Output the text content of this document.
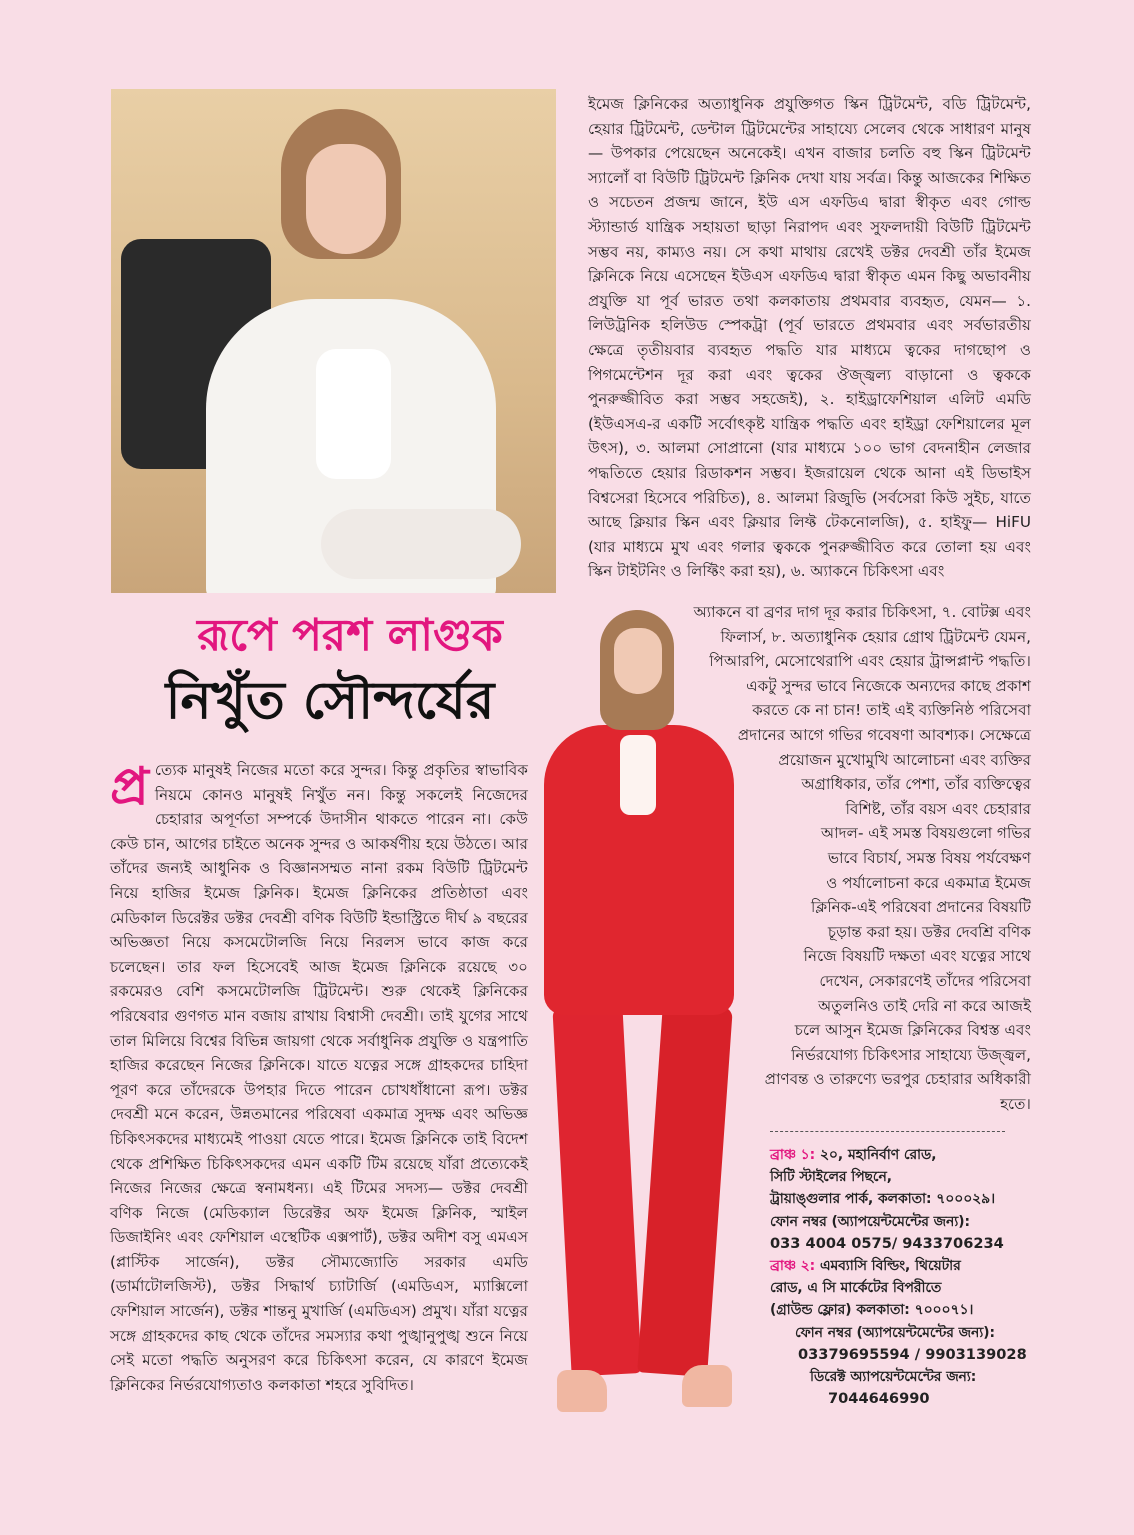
রূপে পরশ লাগুক
নিখুঁত সৌন্দর্যের
ইমেজ ক্লিনিকের অত্যাধুনিক প্রযুক্তিগত স্কিন ট্রিটমেন্ট, বডি ট্রিটমেন্ট, হেয়ার ট্রিটমেন্ট, ডেন্টাল ট্রিটমেন্টের সাহায্যে সেলেব থেকে সাধারণ মানুষ— উপকার পেয়েছেন অনেকেই। এখন বাজার চলতি বহু স্কিন ট্রিটমেন্ট স্যালোঁ বা বিউটি ট্রিটমেন্ট ক্লিনিক দেখা যায় সর্বত্র। কিন্তু আজকের শিক্ষিত ও সচেতন প্রজন্ম জানে, ইউ এস এফডিএ দ্বারা স্বীকৃত এবং গোল্ড স্ট্যান্ডার্ড যান্ত্রিক সহায়তা ছাড়া নিরাপদ এবং সুফলদায়ী বিউটি ট্রিটমেন্ট সম্ভব নয়, কাম্যও নয়। সে কথা মাথায় রেখেই ডক্টর দেবশ্রী তাঁর ইমেজ ক্লিনিকে নিয়ে এসেছেন ইউএস এফডিএ দ্বারা স্বীকৃত এমন কিছু অভাবনীয় প্রযুক্তি যা পূর্ব ভারত তথা কলকাতায় প্রথমবার ব্যবহৃত, যেমন— ১. লিউট্রনিক হলিউড স্পেকট্রা (পূর্ব ভারতে প্রথমবার এবং সর্বভারতীয় ক্ষেত্রে তৃতীয়বার ব্যবহৃত পদ্ধতি যার মাধ্যমে ত্বকের দাগছোপ ও পিগমেন্টেশন দূর করা এবং ত্বকের ঔজ্জ্বল্য বাড়ানো ও ত্বককে পুনরুজ্জীবিত করা সম্ভব সহজেই), ২. হাইড্রাফেশিয়াল এলিট এমডি (ইউএসএ-র একটি সর্বোৎকৃষ্ট যান্ত্রিক পদ্ধতি এবং হাইড্রা ফেশিয়ালের মূল উৎস), ৩. আলমা সোপ্রানো (যার মাধ্যমে ১০০ ভাগ বেদনাহীন লেজার পদ্ধতিতে হেয়ার রিডাকশন সম্ভব। ইজরায়েল থেকে আনা এই ডিভাইস বিশ্বসেরা হিসেবে পরিচিত), ৪. আলমা রিজুভি (সর্বসেরা কিউ সুইচ, যাতে আছে ক্লিয়ার স্কিন এবং ক্লিয়ার লিফ্ট টেকনোলজি), ৫. হাইফু— HiFU (যার মাধ্যমে মুখ এবং গলার ত্বককে পুনরুজ্জীবিত করে তোলা হয় এবং স্কিন টাইটনিং ও লিফ্টিং করা হয়), ৬. অ্যাকনে চিকিৎসা এবং
প্র ত্যেক মানুষই নিজের মতো করে সুন্দর। কিন্তু প্রকৃতির স্বাভাবিক নিয়মে কোনও মানুষই নিখুঁত নন। কিন্তু সকলেই নিজেদের চেহারার অপূর্ণতা সম্পর্কে উদাসীন থাকতে পারেন না। কেউ কেউ চান, আগের চাইতে অনেক সুন্দর ও আকর্ষণীয় হয়ে উঠতে। আর তাঁদের জন্যই আধুনিক ও বিজ্ঞানসম্মত নানা রকম বিউটি ট্রিটমেন্ট নিয়ে হাজির ইমেজ ক্লিনিক। ইমেজ ক্লিনিকের প্রতিষ্ঠাতা এবং মেডিকাল ডিরেক্টর ডক্টর দেবশ্রী বণিক বিউটি ইন্ডাস্ট্রিতে দীর্ঘ ৯ বছরের অভিজ্ঞতা নিয়ে কসমেটোলজি নিয়ে নিরলস ভাবে কাজ করে চলেছেন। তার ফল হিসেবেই আজ ইমেজ ক্লিনিকে রয়েছে ৩০ রকমেরও বেশি কসমেটোলজি ট্রিটমেন্ট। শুরু থেকেই ক্লিনিকের পরিষেবার গুণগত মান বজায় রাখায় বিশ্বাসী দেবশ্রী। তাই যুগের সাথে তাল মিলিয়ে বিশ্বের বিভিন্ন জায়গা থেকে সর্বাধুনিক প্রযুক্তি ও যন্ত্রপাতি হাজির করেছেন নিজের ক্লিনিকে। যাতে যত্নের সঙ্গে গ্রাহকদের চাহিদা পূরণ করে তাঁদেরকে উপহার দিতে পারেন চোখধাঁধানো রূপ। ডক্টর দেবশ্রী মনে করেন, উন্নতমানের পরিষেবা একমাত্র সুদক্ষ এবং অভিজ্ঞ চিকিৎসকদের মাধ্যমেই পাওয়া যেতে পারে। ইমেজ ক্লিনিকে তাই বিদেশ থেকে প্রশিক্ষিত চিকিৎসকদের এমন একটি টিম রয়েছে যাঁরা প্রত্যেকেই নিজের নিজের ক্ষেত্রে স্বনামধন্য। এই টিমের সদস্য— ডক্টর দেবশ্রী বণিক নিজে (মেডিক্যাল ডিরেক্টর অফ ইমেজ ক্লিনিক, স্মাইল ডিজাইনিং এবং ফেশিয়াল এস্থেটিক এক্সপার্ট), ডক্টর অদীশ বসু এমএস (প্লাস্টিক সার্জেন), ডক্টর সৌম্যজ্যোতি সরকার এমডি (ডার্মাটোলজিস্ট), ডক্টর সিদ্ধার্থ চ্যাটার্জি (এমডিএস, ম্যাক্সিলো ফেশিয়াল সার্জেন), ডক্টর শান্তনু মুখার্জি (এমডিএস) প্রমুখ। যাঁরা যত্নের সঙ্গে গ্রাহকদের কাছ থেকে তাঁদের সমস্যার কথা পুঙ্খানুপুঙ্খ শুনে নিয়ে সেই মতো পদ্ধতি অনুসরণ করে চিকিৎসা করেন, যে কারণে ইমেজ ক্লিনিকের নির্ভরযোগ্যতাও কলকাতা শহরে সুবিদিত।
অ্যাকনে বা ব্রণর দাগ দূর করার চিকিৎসা, ৭. বোটক্স এবং
ফিলার্স, ৮. অত্যাধুনিক হেয়ার গ্রোথ ট্রিটমেন্ট যেমন,
পিআরপি, মেসোথেরাপি এবং হেয়ার ট্রান্সপ্লান্ট পদ্ধতি।
একটু সুন্দর ভাবে নিজেকে অন্যদের কাছে প্রকাশ
করতে কে না চান! তাই এই ব্যক্তিনিষ্ঠ পরিসেবা
প্রদানের আগে গভির গবেষণা আবশ্যক। সেক্ষেত্রে
প্রয়োজন মুখোমুখি আলোচনা এবং ব্যক্তির
অগ্রাধিকার, তাঁর পেশা, তাঁর ব্যক্তিত্বের
বিশিষ্ট, তাঁর বয়স এবং চেহারার
আদল- এই সমস্ত বিষয়গুলো গভির
ভাবে বিচার্য, সমস্ত বিষয় পর্যবেক্ষণ
ও পর্যালোচনা করে একমাত্র ইমেজ
ক্লিনিক-এই পরিষেবা প্রদানের বিষয়টি
চূড়ান্ত করা হয়। ডক্টর দেবশ্রি বণিক
নিজে বিষয়টি দক্ষতা এবং যত্নের সাথে
দেখেন, সেকারণেই তাঁদের পরিসেবা
অতুলনিও তাই দেরি না করে আজই
চলে আসুন ইমেজ ক্লিনিকের বিশ্বস্ত এবং
নির্ভরযোগ্য চিকিৎসার সাহায্যে উজ্জ্বল,
প্রাণবন্ত ও তারুণ্যে ভরপুর চেহারার অধিকারী
হতে।
ব্রাঞ্চ ১: ২০, মহানির্বাণ রোড,
সিটি স্টাইলের পিছনে,
ট্রায়াঙ্গুলার পার্ক, কলকাতা: ৭০০০২৯।
ফোন নম্বর (অ্যাপয়েন্টমেন্টের জন্য):
033 4004 0575/ 9433706234
ব্রাঞ্চ ২: এমব্যাসি বিল্ডিং, থিয়েটার
রোড, এ সি মার্কেটের বিপরীতে
(গ্রাউন্ড ফ্লোর) কলকাতা: ৭০০০৭১।
ফোন নম্বর (অ্যাপয়েন্টমেন্টের জন্য):
03379695594 / 9903139028
ডিরেক্ট অ্যাপয়েন্টমেন্টের জন্য:
7044646990
